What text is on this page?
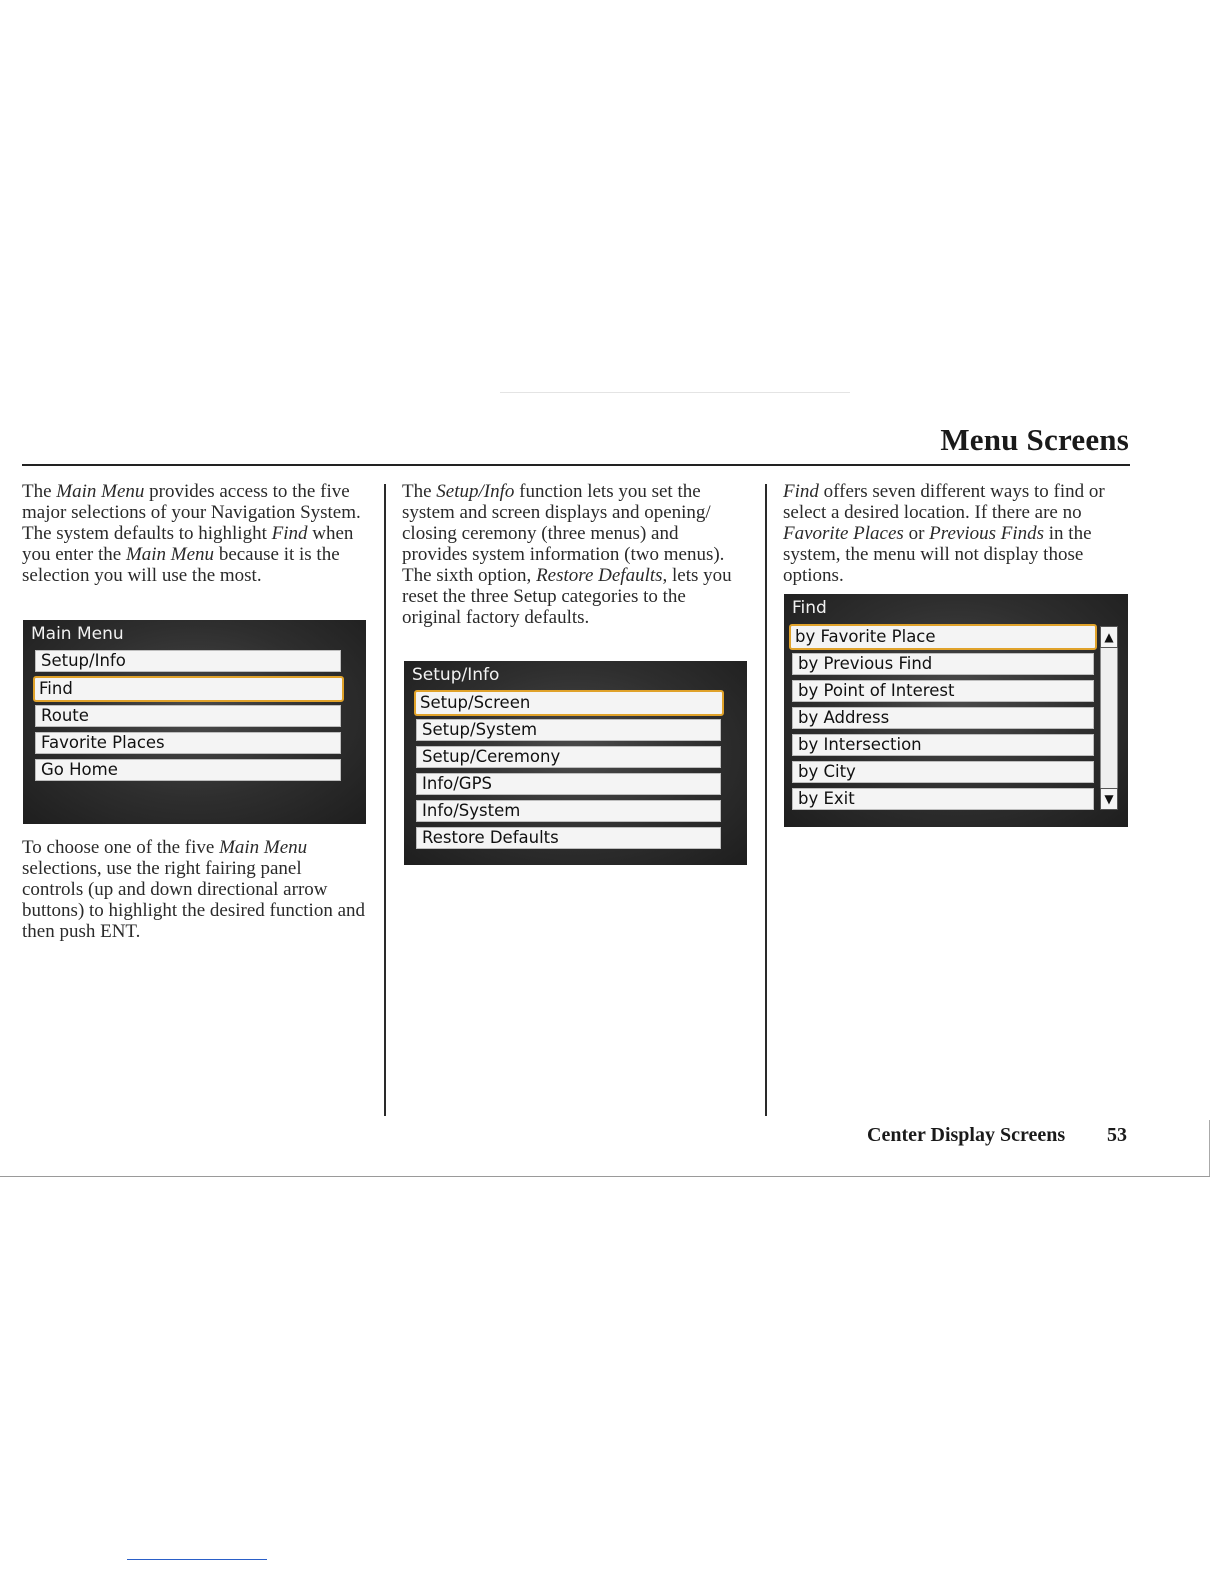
Menu Screens

The Main Menu provides access to the five major selections of your Navigation System. The system defaults to highlight Find when you enter the Main Menu because it is the selection you will use the most.

Main Menu
Setup/Info
Find
Route
Favorite Places
Go Home

To choose one of the five Main Menu selections, use the right fairing panel controls (up and down directional arrow buttons) to highlight the desired function and then push ENT.

The Setup/Info function lets you set the system and screen displays and opening/ closing ceremony (three menus) and provides system information (two menus). The sixth option, Restore Defaults, lets you reset the three Setup categories to the original factory defaults.

Setup/Info
Setup/Screen
Setup/System
Setup/Ceremony
Info/GPS
Info/System
Restore Defaults

Find offers seven different ways to find or select a desired location. If there are no Favorite Places or Previous Finds in the system, the menu will not display those options.

Find
by Favorite Place
by Previous Find
by Point of Interest
by Address
by Intersection
by City
by Exit
▲
▼
Center Display Screens 53
